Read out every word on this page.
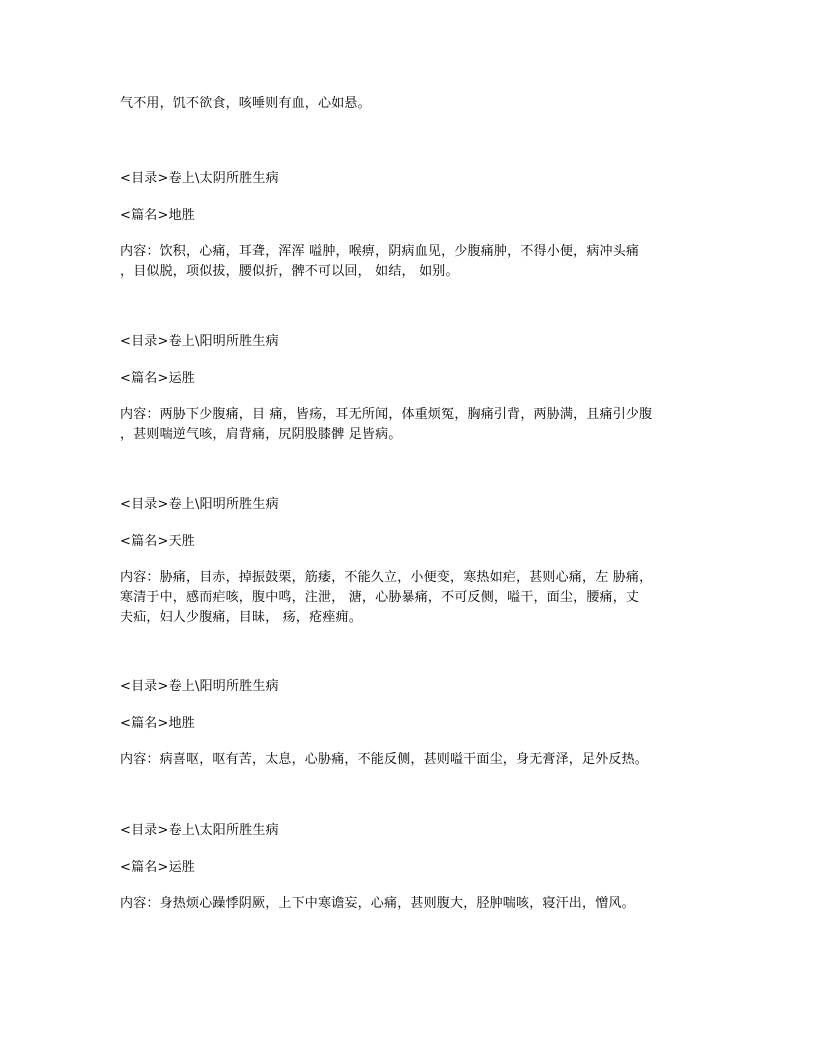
气不用，饥不欲食，咳唾则有血，心如悬。
<目录>卷上\太阴所胜生病
<篇名>地胜
内容：饮积，心痛，耳聋，浑浑 嗌肿，喉痹，阴病血见，少腹痛肿，不得小便，病冲头痛
，目似脱，项似拔，腰似折，髀不可以回， 如结， 如别。
<目录>卷上\阳明所胜生病
<篇名>运胜
内容：两胁下少腹痛，目 痛，皆疡，耳无所闻，体重烦冤，胸痛引背，两胁满，且痛引少腹
，甚则喘逆气咳，肩背痛，尻阴股膝髀 足皆病。
<目录>卷上\阳明所胜生病
<篇名>天胜
内容：胁痛，目赤，掉振鼓栗，筋痿，不能久立，小便变，寒热如疟，甚则心痛，左 胁痛，
寒清于中，感而疟咳，腹中鸣，注泄， 溏，心胁暴痛，不可反侧，嗌干，面尘，腰痛，丈
夫疝，妇人少腹痛，目昧， 疡，疮痤痈。
<目录>卷上\阳明所胜生病
<篇名>地胜
内容：病喜呕，呕有苦，太息，心胁痛，不能反侧，甚则嗌干面尘，身无膏泽，足外反热。
<目录>卷上\太阳所胜生病
<篇名>运胜
内容：身热烦心躁悸阴厥，上下中寒谵妄，心痛，甚则腹大，胫肿喘咳，寝汗出，憎风。
